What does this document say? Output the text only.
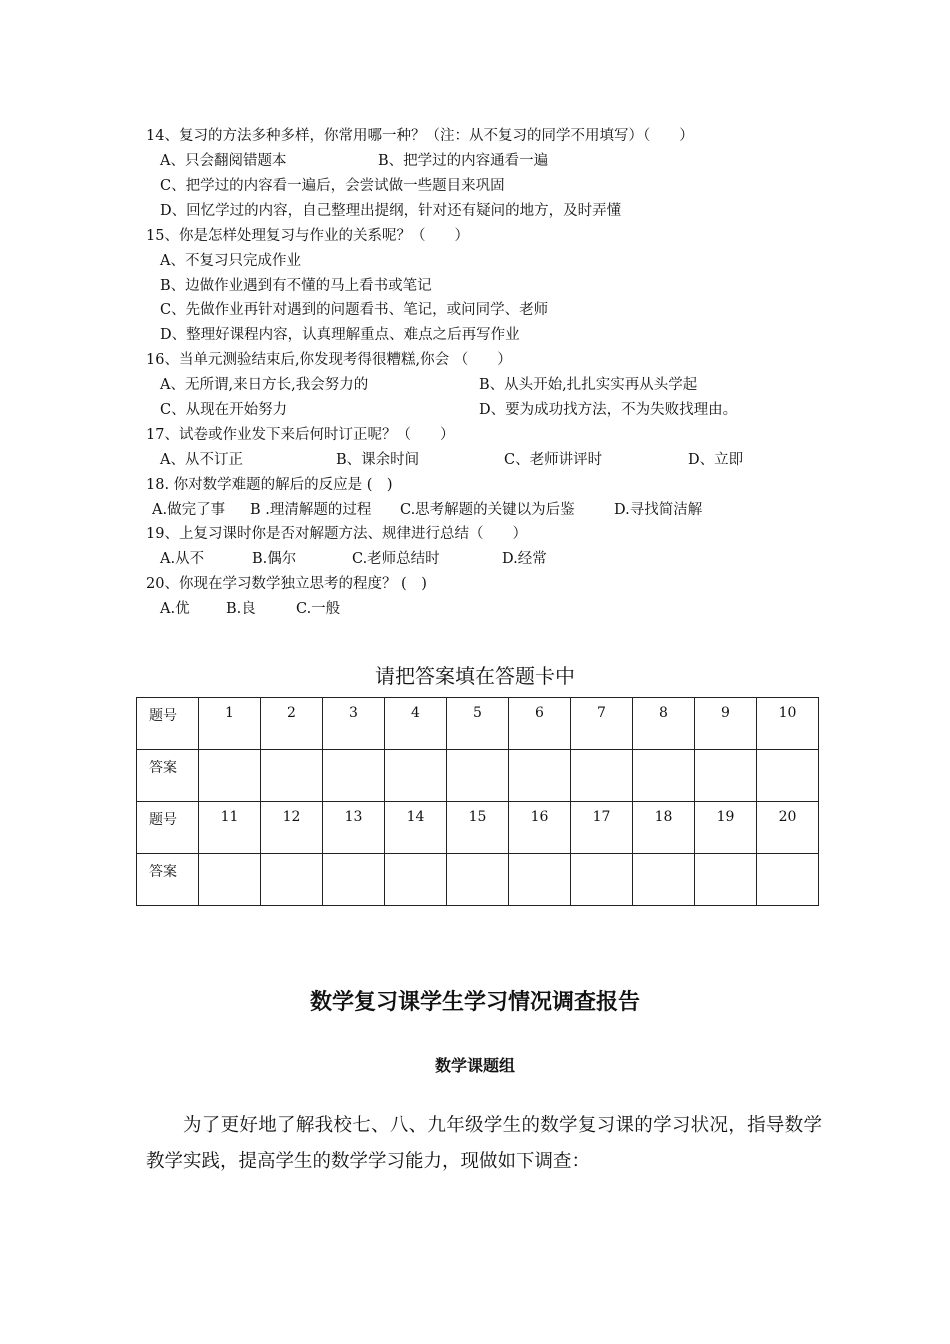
14、复习的方法多种多样，你常用哪一种？（注：从不复习的同学不用填写）（　　）
A、只会翻阅错题本	B、把学过的内容通看一遍
C、把学过的内容看一遍后，会尝试做一些题目来巩固
D、回忆学过的内容，自己整理出提纲，针对还有疑问的地方，及时弄懂
15、你是怎样处理复习与作业的关系呢？（　　）
A、不复习只完成作业
B、边做作业遇到有不懂的马上看书或笔记
C、先做作业再针对遇到的问题看书、笔记，或问同学、老师
D、整理好课程内容，认真理解重点、难点之后再写作业
16、当单元测验结束后,你发现考得很糟糕,你会 （　　）
A、无所谓,来日方长,我会努力的	B、从头开始,扎扎实实再从头学起
C、从现在开始努力	D、要为成功找方法，不为失败找理由。
17、试卷或作业发下来后何时订正呢？（　　）
A、从不订正	B、课余时间	C、老师讲评时	D、立即
18. 你对数学难题的解后的反应是 (　)
A.做完了事 B .理清解题的过程 C.思考解题的关键以为后鉴	D.寻找简洁解
19、上复习课时你是否对解题方法、规律进行总结（　　）
A.从不	B.偶尔	C.老师总结时	D.经常
20、你现在学习数学独立思考的程度？ (　)
A.优	B.良	C.一般
请把答案填在答题卡中
题号	1	2	3	4	5	6	7	8	9	10
答案										
题号	11	12	13	14	15	16	17	18	19	20
答案										
数学复习课学生学习情况调查报告
数学课题组
为了更好地了解我校七、八、九年级学生的数学复习课的学习状况，指导数学教学实践，提高学生的数学学习能力，现做如下调查：
